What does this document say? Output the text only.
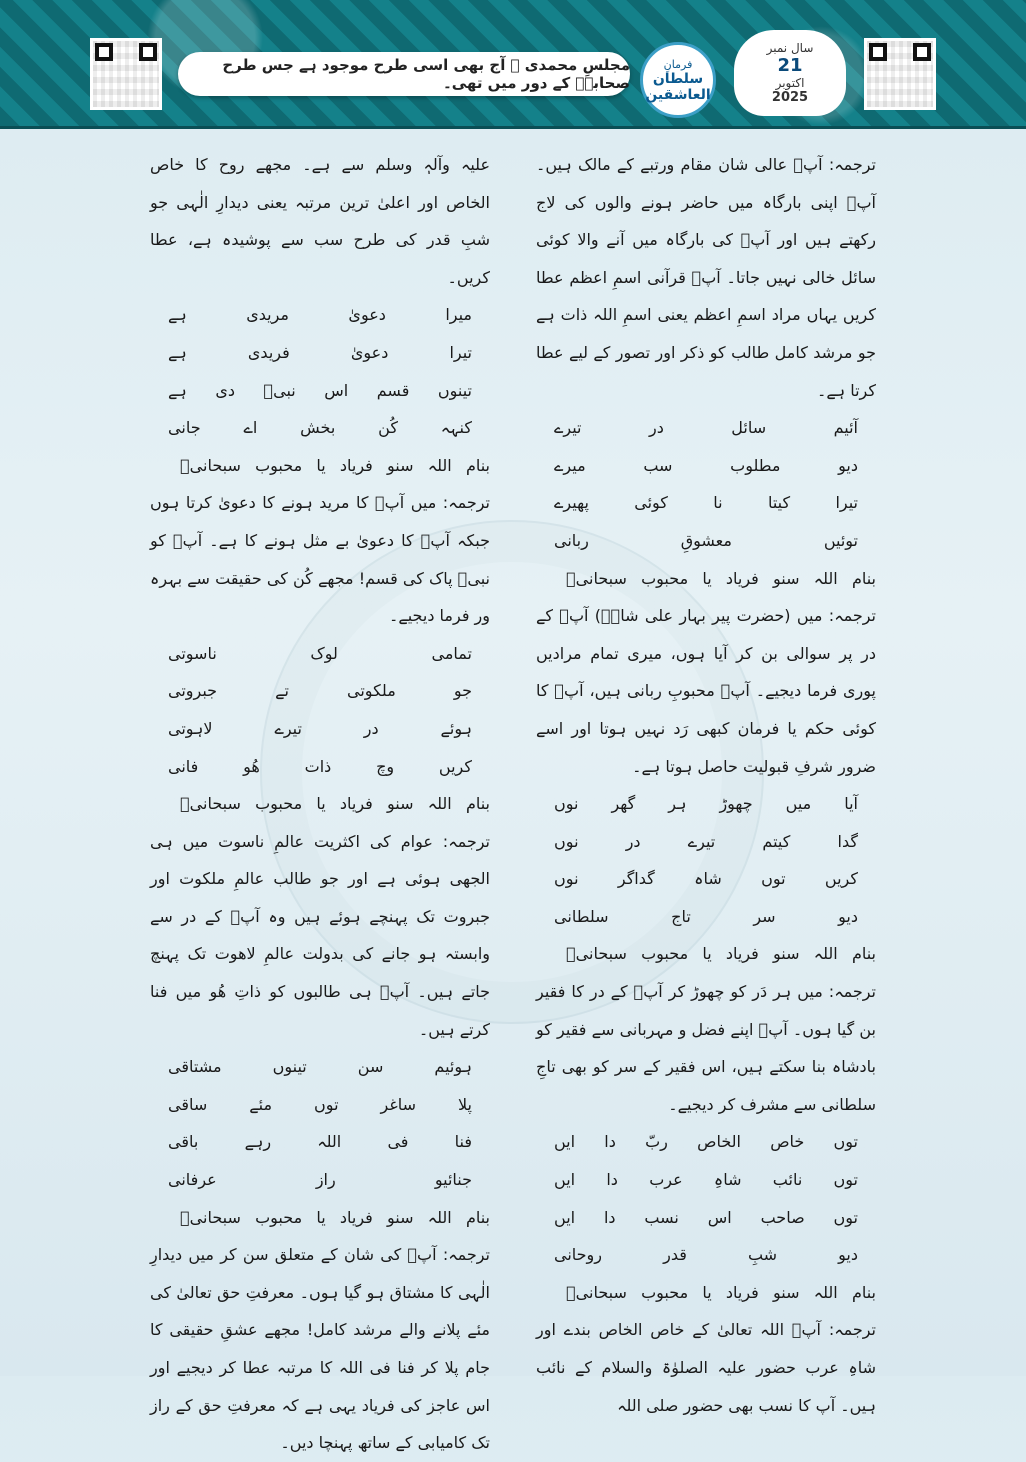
مجلسِ محمدی ﷺ آج بھی اسی طرح موجود ہے جس طرح صحابہؓ کے دور میں تھی۔
فرمانِ
سلطان العاشقین
سال نمبر
21
اکتوبر
2025

ترجمہ: آپؐ عالی شان مقام ورتبے کے مالک ہیں۔ آپؐ اپنی بارگاہ میں حاضر ہونے والوں کی لاج رکھتے ہیں اور آپؐ کی بارگاہ میں آنے والا کوئی سائل خالی نہیں جاتا۔ آپؐ قرآنی اسمِ اعظم عطا کریں یہاں مراد اسمِ اعظم یعنی اسمِ اللہ ذات ہے جو مرشد کامل طالب کو ذکر اور تصور کے لیے عطا کرتا ہے۔

آئیم
سائل
در
تیرے
دیو
مطلوب
سب
میرے
تیرا
کیتا
نا
کوئی
پھیرے
توئیں
معشوقِ
ربانی
بنام
اللہ
سنو
فریاد
یا
محبوب
سبحانیؒ

ترجمہ: میں (حضرت پیر بہار علی شاہؒ) آپؐ کے در پر سوالی بن کر آیا ہوں، میری تمام مرادیں پوری فرما دیجیے۔ آپؐ محبوبِ ربانی ہیں، آپؐ کا کوئی حکم یا فرمان کبھی رَد نہیں ہوتا اور اسے ضرور شرفِ قبولیت حاصل ہوتا ہے۔

آیا
میں
چھوڑ
ہر
گھر
نوں
گدا
کیتم
تیرے
در
نوں
کریں
توں
شاہ
گداگر
نوں
دیو
سر
تاج
سلطانی
بنام
اللہ
سنو
فریاد
یا
محبوب
سبحانیؒ

ترجمہ: میں ہر دَر کو چھوڑ کر آپؐ کے در کا فقیر بن گیا ہوں۔ آپؐ اپنے فضل و مہربانی سے فقیر کو بادشاہ بنا سکتے ہیں، اس فقیر کے سر کو بھی تاجِ سلطانی سے مشرف کر دیجیے۔

توں
خاص
الخاص
ربّ
دا
ایں
توں
نائب
شاہِ
عرب
دا
ایں
توں
صاحب
اس
نسب
دا
ایں
دیو
شبِ
قدر
روحانی
بنام
اللہ
سنو
فریاد
یا
محبوب
سبحانیؒ

ترجمہ: آپؐ اللہ تعالیٰ کے خاص الخاص بندے اور شاہِ عرب حضور علیہ الصلوٰۃ والسلام کے نائب ہیں۔ آپ کا نسب بھی حضور صلی اللہ

علیہ وآلہٖ وسلم سے ہے۔ مجھے روح کا خاص الخاص اور اعلیٰ ترین مرتبہ یعنی دیدارِ الٰہی جو شبِ قدر کی طرح سب سے پوشیدہ ہے، عطا کریں۔

میرا
دعویٰ
مریدی
ہے
تیرا
دعویٰ
فریدی
ہے
تینوں
قسم
اس
نبیؐ
دی
ہے
کنہہ
کُن
بخش
اے
جانی
بنام
اللہ
سنو
فریاد
یا
محبوب
سبحانیؒ

ترجمہ: میں آپؐ کا مرید ہونے کا دعویٰ کرتا ہوں جبکہ آپؐ کا دعویٰ بے مثل ہونے کا ہے۔ آپؐ کو نبیؐ پاک کی قسم! مجھے کُن کی حقیقت سے بہرہ ور فرما دیجیے۔

تمامی
لوک
ناسوتی
جو
ملکوتی
تے
جبروتی
ہوئے
در
تیرے
لاہوتی
کریں
وچ
ذات
ھُو
فانی
بنام
اللہ
سنو
فریاد
یا
محبوب
سبحانیؒ

ترجمہ: عوام کی اکثریت عالمِ ناسوت میں ہی الجھی ہوئی ہے اور جو طالب عالمِ ملکوت اور جبروت تک پہنچے ہوئے ہیں وہ آپؐ کے در سے وابستہ ہو جانے کی بدولت عالمِ لاھوت تک پہنچ جاتے ہیں۔ آپؐ ہی طالبوں کو ذاتِ ھُو میں فنا کرتے ہیں۔

ہوئیم
سن
تینوں
مشتاقی
پلا
ساغر
توں
مئے
ساقی
فنا
فی
اللہ
رہے
باقی
جنائیو
راز
عرفانی
بنام
اللہ
سنو
فریاد
یا
محبوب
سبحانیؒ

ترجمہ: آپؐ کی شان کے متعلق سن کر میں دیدارِ الٰہی کا مشتاق ہو گیا ہوں۔ معرفتِ حق تعالیٰ کی مئے پلانے والے مرشد کامل! مجھے عشقِ حقیقی کا جام پلا کر فنا فی اللہ کا مرتبہ عطا کر دیجیے اور اس عاجز کی فریاد یہی ہے کہ معرفتِ حق کے راز تک کامیابی کے ساتھ پہنچا دیں۔
